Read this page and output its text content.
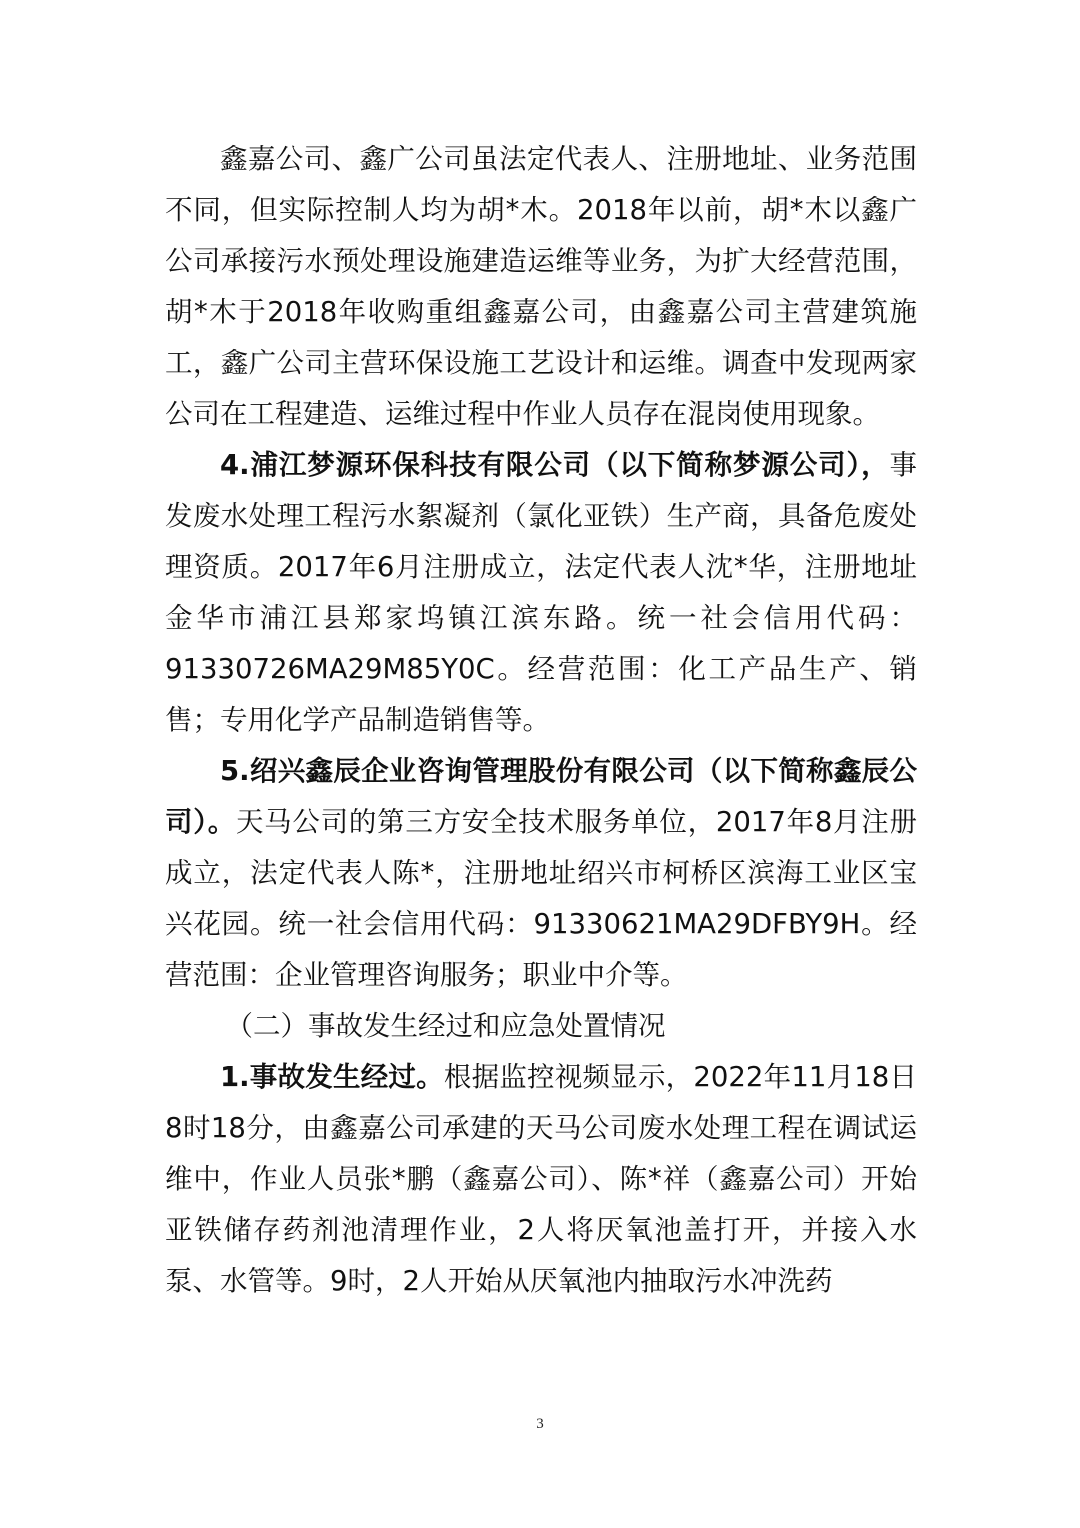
鑫嘉公司、鑫广公司虽法定代表人、注册地址、业务范围不同，但实际控制人均为胡*木。2018年以前，胡*木以鑫广公司承接污水预处理设施建造运维等业务，为扩大经营范围，胡*木于2018年收购重组鑫嘉公司，由鑫嘉公司主营建筑施工，鑫广公司主营环保设施工艺设计和运维。调查中发现两家公司在工程建造、运维过程中作业人员存在混岗使用现象。

4.浦江梦源环保科技有限公司（以下简称梦源公司），事发废水处理工程污水絮凝剂（氯化亚铁）生产商，具备危废处理资质。2017年6月注册成立，法定代表人沈*华，注册地址金华市浦江县郑家坞镇江滨东路。统一社会信用代码：91330726MA29M85Y0C。经营范围：化工产品生产、销售；专用化学产品制造销售等。

5.绍兴鑫辰企业咨询管理股份有限公司（以下简称鑫辰公司）。天马公司的第三方安全技术服务单位，2017年8月注册成立，法定代表人陈*，注册地址绍兴市柯桥区滨海工业区宝兴花园。统一社会信用代码：91330621MA29DFBY9H。经营范围：企业管理咨询服务；职业中介等。

（二）事故发生经过和应急处置情况

1.事故发生经过。根据监控视频显示，2022年11月18日8时18分，由鑫嘉公司承建的天马公司废水处理工程在调试运维中，作业人员张*鹏（鑫嘉公司）、陈*祥（鑫嘉公司）开始亚铁储存药剂池清理作业，2人将厌氧池盖打开，并接入水泵、水管等。9时，2人开始从厌氧池内抽取污水冲洗药

3
